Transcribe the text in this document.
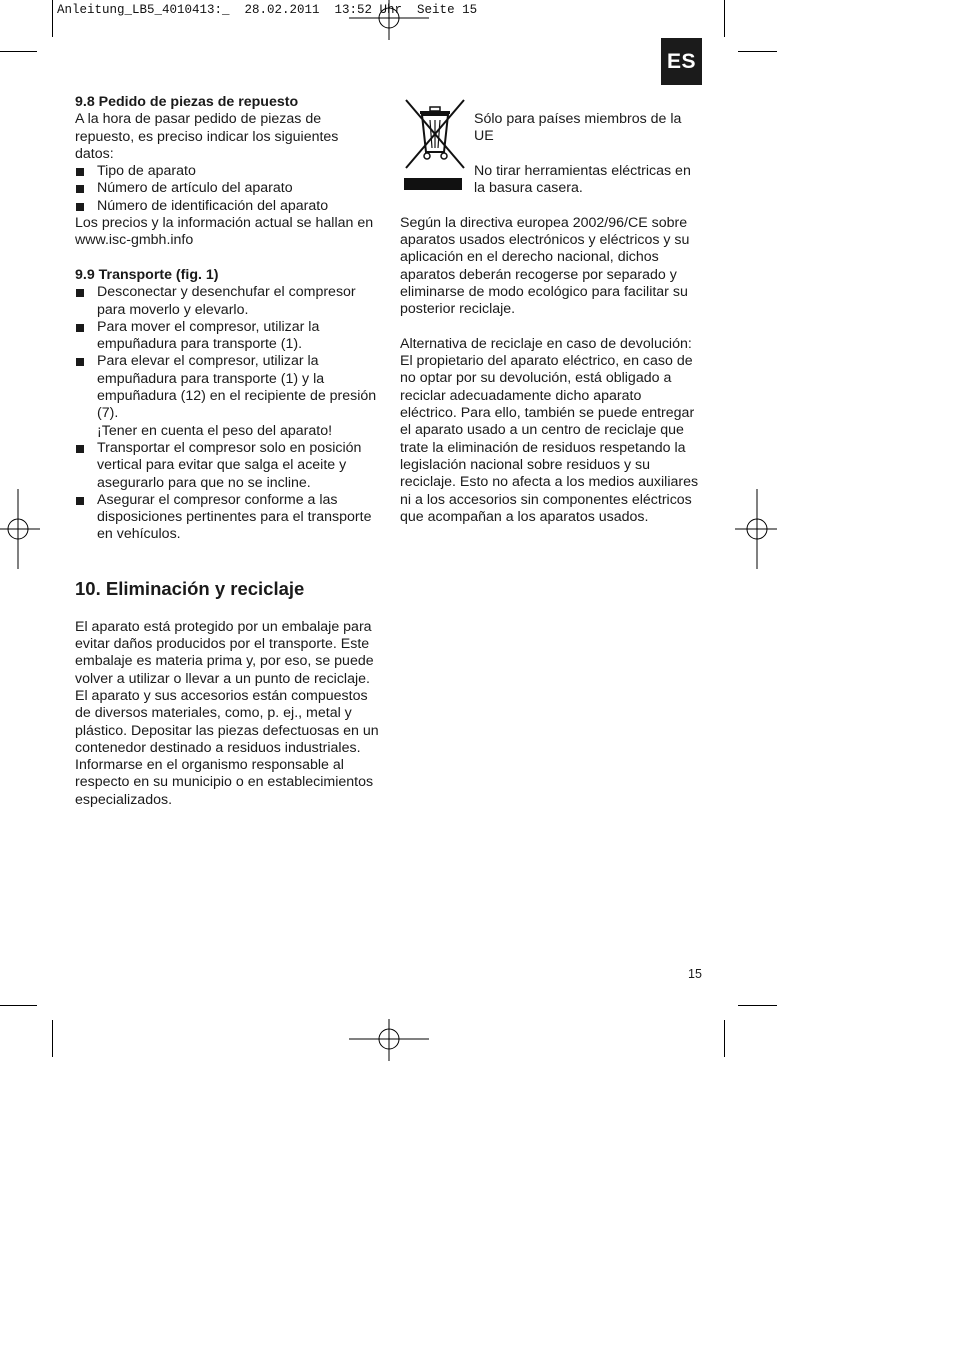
Anleitung_LB5_4010413:_  28.02.2011  13:52 Uhr  Seite 15
ES

9.8 Pedido de piezas de repuesto

A la hora de pasar pedido de piezas de repuesto, es preciso indicar los siguientes datos:

Tipo de aparato
Número de artículo del aparato
Número de identificación del aparato

Los precios y la información actual se hallan en www.isc-gmbh.info

9.9 Transporte (fig. 1)

Desconectar y desenchufar el compresor para moverlo y elevarlo.
Para mover el compresor, utilizar la empuñadura para transporte (1).
Para elevar el compresor, utilizar la empuñadura para transporte (1) y la empuñadura (12) en el recipiente de presión (7).
¡Tener en cuenta el peso del aparato!
Transportar el compresor solo en posición vertical para evitar que salga el aceite y asegurarlo para que no se incline.
Asegurar el compresor conforme a las disposiciones pertinentes para el transporte en vehículos.

10. Eliminación y reciclaje

El aparato está protegido por un embalaje para evitar daños producidos por el transporte. Este embalaje es materia prima y, por eso, se puede volver a utilizar o llevar a un punto de reciclaje. El aparato y sus accesorios están compuestos de diversos materiales, como, p. ej., metal y plástico. Depositar las piezas defectuosas en un contenedor destinado a residuos industriales. Informarse en el organismo responsable al respecto en su municipio o en establecimientos especializados.

Sólo para países miembros de la UE

No tirar herramientas eléctricas en la basura casera.

Según la directiva europea 2002/96/CE sobre aparatos usados electrónicos y eléctricos y su aplicación en el derecho nacional, dichos aparatos deberán recogerse por separado y eliminarse de modo ecológico para facilitar su posterior reciclaje.

Alternativa de reciclaje en caso de devolución: El propietario del aparato eléctrico, en caso de no optar por su devolución, está obligado a reciclar adecuadamente dicho aparato eléctrico. Para ello, también se puede entregar el aparato usado a un centro de reciclaje que trate la eliminación de residuos respetando la legislación nacional sobre residuos y su reciclaje. Esto no afecta a los medios auxiliares ni a los accesorios sin componentes eléctricos que acompañan a los aparatos usados.

15
